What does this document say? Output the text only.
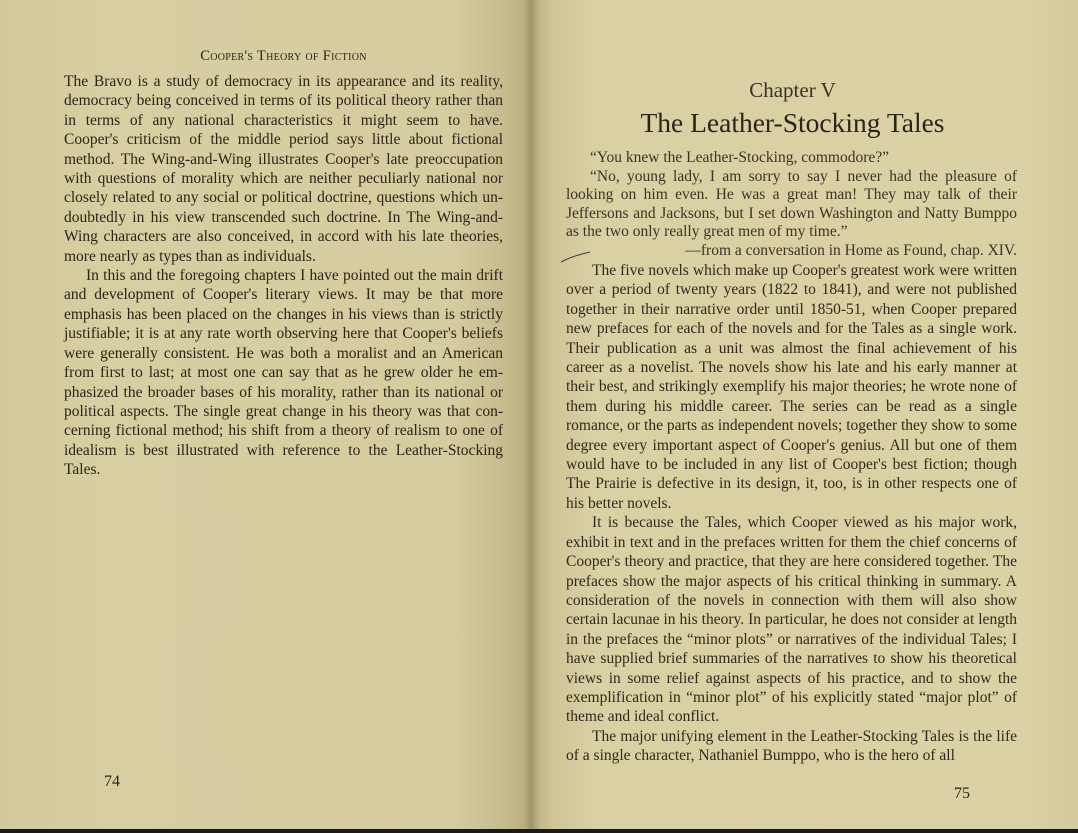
Cooper's Theory of Fiction

The Bravo is a study of democracy in its appearance and its reality, democracy being conceived in terms of its political theory rather than in terms of any national characteristics it might seem to have. Cooper's criticism of the middle period says little about fictional method. The Wing-and-Wing illustrates Cooper's late preoccupation with questions of morality which are neither peculiarly national nor closely related to any social or political doctrine, questions which undoubtedly in his view transcended such doctrine. In The Wing-and-Wing characters are also conceived, in accord with his late theories, more nearly as types than as individuals.

In this and the foregoing chapters I have pointed out the main drift and development of Cooper's literary views. It may be that more emphasis has been placed on the changes in his views than is strictly justifiable; it is at any rate worth observing here that Cooper's beliefs were generally consistent. He was both a moralist and an American from first to last; at most one can say that as he grew older he emphasized the broader bases of his morality, rather than its national or political aspects. The single great change in his theory was that concerning fictional method; his shift from a theory of realism to one of idealism is best illustrated with reference to the Leather-Stocking Tales.

74
Chapter V
The Leather-Stocking Tales

“You knew the Leather-Stocking, commodore?”

“No, young lady, I am sorry to say I never had the pleasure of looking on him even. He was a great man! They may talk of their Jeffersons and Jacksons, but I set down Washington and Natty Bumppo as the two only really great men of my time.”

—from a conversation in Home as Found, chap. XIV.

The five novels which make up Cooper's greatest work were written over a period of twenty years (1822 to 1841), and were not published together in their narrative order until 1850-51, when Cooper prepared new prefaces for each of the novels and for the Tales as a single work. Their publication as a unit was almost the final achievement of his career as a novelist. The novels show his late and his early manner at their best, and strikingly exemplify his major theories; he wrote none of them during his middle career. The series can be read as a single romance, or the parts as independent novels; together they show to some degree every important aspect of Cooper's genius. All but one of them would have to be included in any list of Cooper's best fiction; though The Prairie is defective in its design, it, too, is in other respects one of his better novels.

It is because the Tales, which Cooper viewed as his major work, exhibit in text and in the prefaces written for them the chief concerns of Cooper's theory and practice, that they are here considered together. The prefaces show the major aspects of his critical thinking in summary. A consideration of the novels in connection with them will also show certain lacunae in his theory. In particular, he does not consider at length in the prefaces the “minor plots” or narratives of the individual Tales; I have supplied brief summaries of the narratives to show his theoretical views in some relief against aspects of his practice, and to show the exemplification in “minor plot” of his explicitly stated “major plot” of theme and ideal conflict.

The major unifying element in the Leather-Stocking Tales is the life of a single character, Nathaniel Bumppo, who is the hero of all

75
